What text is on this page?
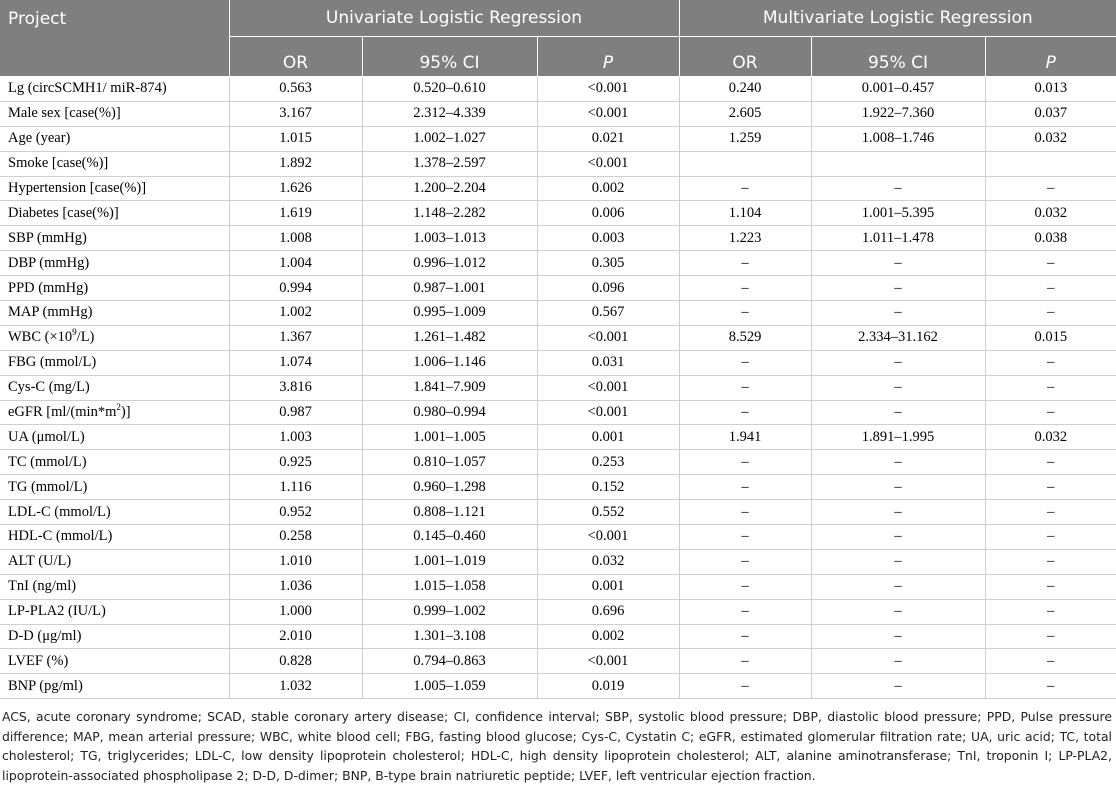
Project	Univariate Logistic Regression			Multivariate Logistic Regression		
	OR	95% CI	P	OR	95% CI	P
Lg (circSCMH1/ miR-874)	0.563	0.520–0.610	<0.001	0.240	0.001–0.457	0.013
Male sex [case(%)]	3.167	2.312–4.339	<0.001	2.605	1.922–7.360	0.037
Age (year)	1.015	1.002–1.027	0.021	1.259	1.008–1.746	0.032
Smoke [case(%)]	1.892	1.378–2.597	<0.001			
Hypertension [case(%)]	1.626	1.200–2.204	0.002	–	–	–
Diabetes [case(%)]	1.619	1.148–2.282	0.006	1.104	1.001–5.395	0.032
SBP (mmHg)	1.008	1.003–1.013	0.003	1.223	1.011–1.478	0.038
DBP (mmHg)	1.004	0.996–1.012	0.305	–	–	–
PPD (mmHg)	0.994	0.987–1.001	0.096	–	–	–
MAP (mmHg)	1.002	0.995–1.009	0.567	–	–	–
WBC $(\times 10^9/L)$	1.367	1.261–1.482	<0.001	8.529	2.334–31.162	0.015
FBG (mmol/L)	1.074	1.006–1.146	0.031	–	–	–
Cys-C (mg/L)	3.816	1.841–7.909	<0.001	–	–	–
eGFR $[ml/(\min*m^2)]$	0.987	0.980–0.994	<0.001	–	–	–
UA (μmol/L)	1.003	1.001–1.005	0.001	1.941	1.891–1.995	0.032
TC (mmol/L)	0.925	0.810–1.057	0.253	–	–	–
TG (mmol/L)	1.116	0.960–1.298	0.152	–	–	–
LDL-C (mmol/L)	0.952	0.808–1.121	0.552	–	–	–
HDL-C (mmol/L)	0.258	0.145–0.460	<0.001	–	–	–
ALT (U/L)	1.010	1.001–1.019	0.032	–	–	–
TnI (ng/ml)	1.036	1.015–1.058	0.001	–	–	–
LP-PLA2 (IU/L)	1.000	0.999–1.002	0.696	–	–	–
D-D (μg/ml)	2.010	1.301–3.108	0.002	–	–	–
LVEF (%)	0.828	0.794–0.863	<0.001	–	–	–
BNP (pg/ml)	1.032	1.005–1.059	0.019	–	–	–
ACS, acute coronary syndrome; SCAD, stable coronary artery disease; CI, confidence interval; SBP, systolic blood pressure; DBP, diastolic blood pressure; PPD, Pulse pressure difference; MAP, mean arterial pressure; WBC, white blood cell; FBG, fasting blood glucose; Cys-C, Cystatin C; eGFR, estimated glomerular filtration rate; UA, uric acid; TC, total cholesterol; TG, triglycerides; LDL-C, low density lipoprotein cholesterol; HDL-C, high density lipoprotein cholesterol; ALT, alanine aminotransferase; TnI, troponin I; LP-PLA2, lipoprotein-associated phospholipase 2; D-D, D-dimer; BNP, B-type brain natriuretic peptide; LVEF, left ventricular ejection fraction.
